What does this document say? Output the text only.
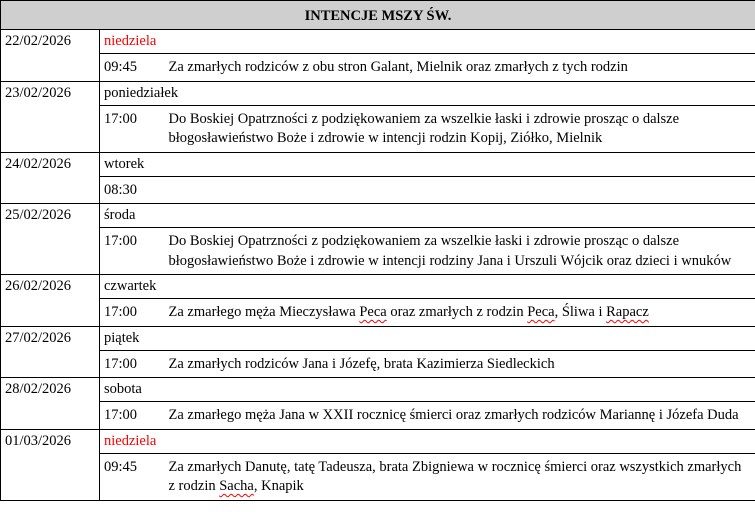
INTENCJE MSZY ŚW.		
22/02/2026	niedziela	
	09:45	Za zmarłych rodziców z obu stron Galant, Mielnik oraz zmarłych z tych rodzin
23/02/2026	poniedziałek	
	17:00	Do Boskiej Opatrzności z podziękowaniem za wszelkie łaski i zdrowie prosząc o dalsze błogosławieństwo Boże i zdrowie w intencji rodzin Kopij, Ziółko, Mielnik
24/02/2026	wtorek	
	08:30	
25/02/2026	środa	
	17:00	Do Boskiej Opatrzności z podziękowaniem za wszelkie łaski i zdrowie prosząc o dalsze błogosławieństwo Boże i zdrowie w intencji rodziny Jana i Urszuli Wójcik oraz dzieci i wnuków
26/02/2026	czwartek	
	17:00	Za zmarłego męża Mieczysława Peca oraz zmarłych z rodzin Peca, Śliwa i Rapacz
27/02/2026	piątek	
	17:00	Za zmarłych rodziców Jana i Józefę, brata Kazimierza Siedleckich
28/02/2026	sobota	
	17:00	Za zmarłego męża Jana w XXII rocznicę śmierci oraz zmarłych rodziców Mariannę i Józefa Duda
01/03/2026	niedziela	
	09:45	Za zmarłych Danutę, tatę Tadeusza, brata Zbigniewa w rocznicę śmierci oraz wszystkich zmarłych z rodzin Sacha, Knapik
